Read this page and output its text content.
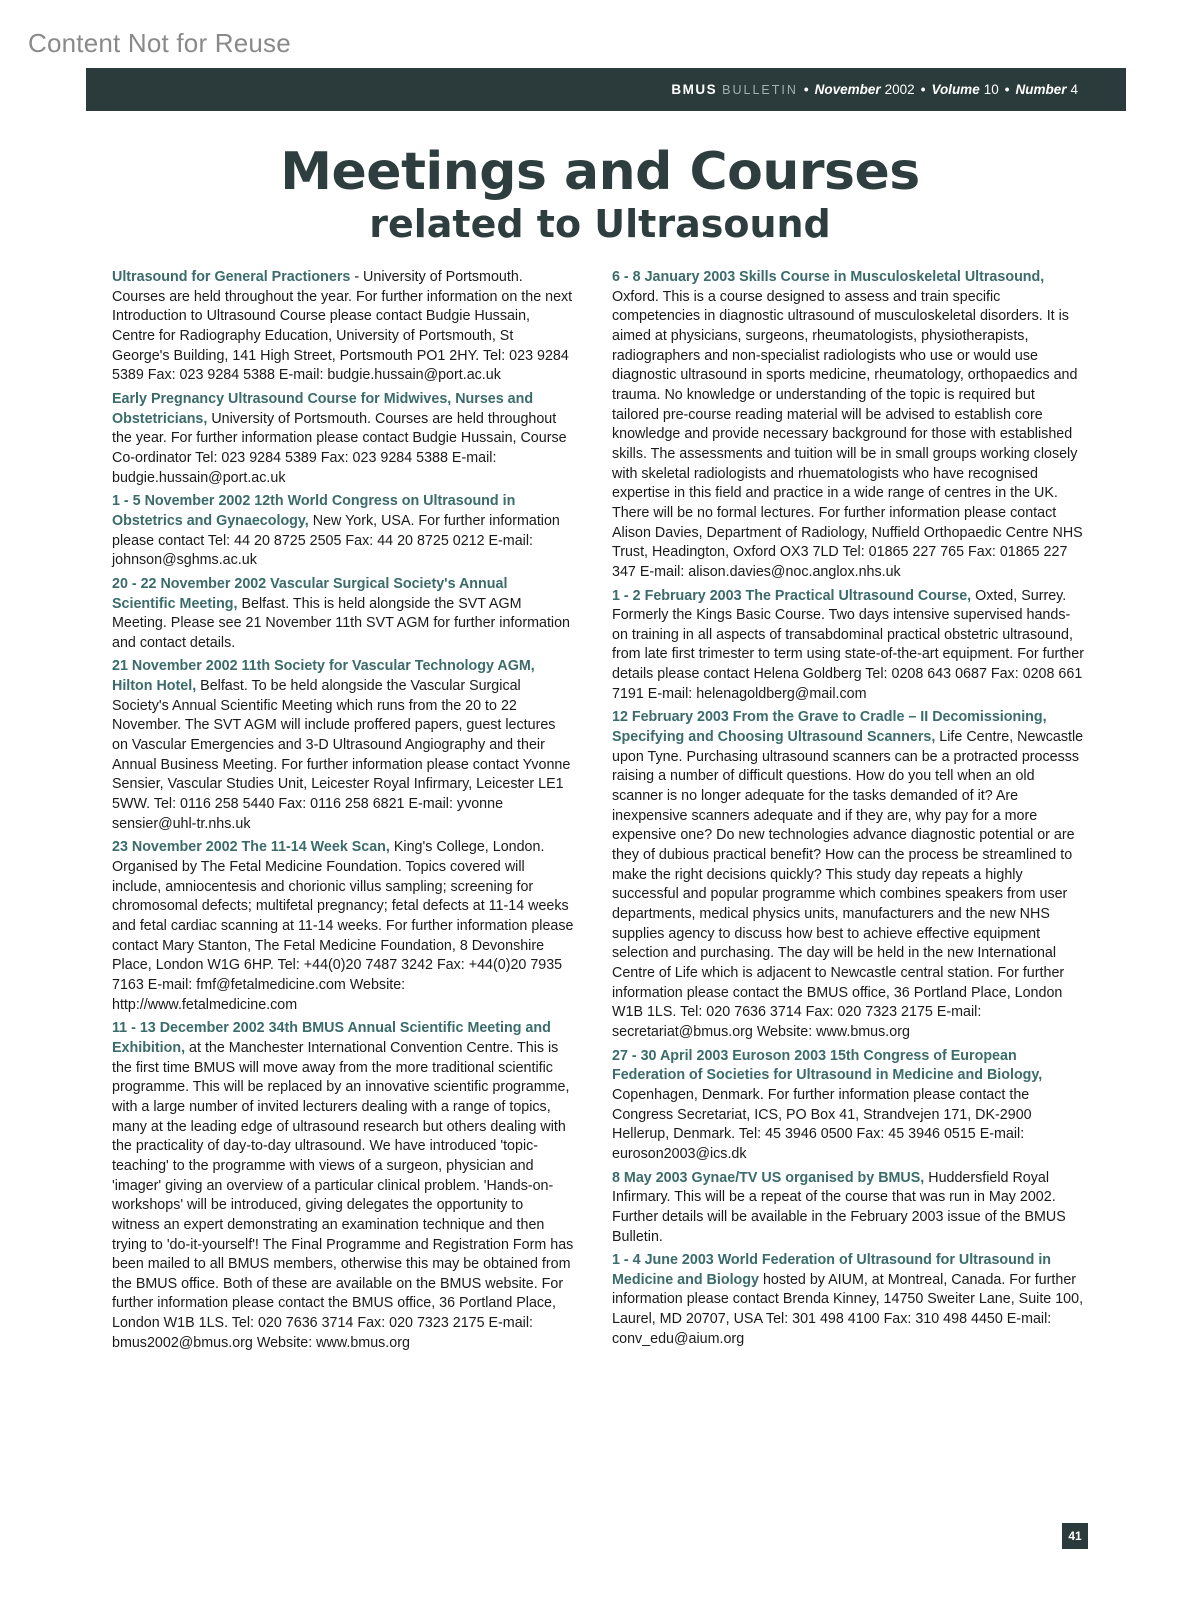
Content Not for Reuse
BMUS BULLETIN • November 2002 • Volume 10 • Number 4
Meetings and Courses
related to Ultrasound

Ultrasound for General Practioners - University of Portsmouth. Courses are held throughout the year. For further information on the next Introduction to Ultrasound Course please contact Budgie Hussain, Centre for Radiography Education, University of Portsmouth, St George's Building, 141 High Street, Portsmouth PO1 2HY. Tel: 023 9284 5389 Fax: 023 9284 5388 E-mail: budgie.hussain@port.ac.uk

Early Pregnancy Ultrasound Course for Midwives, Nurses and Obstetricians, University of Portsmouth. Courses are held throughout the year. For further information please contact Budgie Hussain, Course Co-ordinator Tel: 023 9284 5389 Fax: 023 9284 5388 E-mail: budgie.hussain@port.ac.uk

1 - 5 November 2002 12th World Congress on Ultrasound in Obstetrics and Gynaecology, New York, USA. For further information please contact Tel: 44 20 8725 2505 Fax: 44 20 8725 0212 E-mail: johnson@sghms.ac.uk

20 - 22 November 2002 Vascular Surgical Society's Annual Scientific Meeting, Belfast. This is held alongside the SVT AGM Meeting. Please see 21 November 11th SVT AGM for further information and contact details.

21 November 2002 11th Society for Vascular Technology AGM, Hilton Hotel, Belfast. To be held alongside the Vascular Surgical Society's Annual Scientific Meeting which runs from the 20 to 22 November. The SVT AGM will include proffered papers, guest lectures on Vascular Emergencies and 3-D Ultrasound Angiography and their Annual Business Meeting. For further information please contact Yvonne Sensier, Vascular Studies Unit, Leicester Royal Infirmary, Leicester LE1 5WW. Tel: 0116 258 5440 Fax: 0116 258 6821 E-mail: yvonne sensier@uhl-tr.nhs.uk

23 November 2002 The 11-14 Week Scan, King's College, London. Organised by The Fetal Medicine Foundation. Topics covered will include, amniocentesis and chorionic villus sampling; screening for chromosomal defects; multifetal pregnancy; fetal defects at 11-14 weeks and fetal cardiac scanning at 11-14 weeks. For further information please contact Mary Stanton, The Fetal Medicine Foundation, 8 Devonshire Place, London W1G 6HP. Tel: +44(0)20 7487 3242 Fax: +44(0)20 7935 7163 E-mail: fmf@fetalmedicine.com Website: http://www.fetalmedicine.com

11 - 13 December 2002 34th BMUS Annual Scientific Meeting and Exhibition, at the Manchester International Convention Centre. This is the first time BMUS will move away from the more traditional scientific programme. This will be replaced by an innovative scientific programme, with a large number of invited lecturers dealing with a range of topics, many at the leading edge of ultrasound research but others dealing with the practicality of day-to-day ultrasound. We have introduced 'topic-teaching' to the programme with views of a surgeon, physician and 'imager' giving an overview of a particular clinical problem. 'Hands-on-workshops' will be introduced, giving delegates the opportunity to witness an expert demonstrating an examination technique and then trying to 'do-it-yourself'! The Final Programme and Registration Form has been mailed to all BMUS members, otherwise this may be obtained from the BMUS office. Both of these are available on the BMUS website. For further information please contact the BMUS office, 36 Portland Place, London W1B 1LS. Tel: 020 7636 3714 Fax: 020 7323 2175 E-mail: bmus2002@bmus.org Website: www.bmus.org

6 - 8 January 2003 Skills Course in Musculoskeletal Ultrasound, Oxford. This is a course designed to assess and train specific competencies in diagnostic ultrasound of musculoskeletal disorders. It is aimed at physicians, surgeons, rheumatologists, physiotherapists, radiographers and non-specialist radiologists who use or would use diagnostic ultrasound in sports medicine, rheumatology, orthopaedics and trauma. No knowledge or understanding of the topic is required but tailored pre-course reading material will be advised to establish core knowledge and provide necessary background for those with established skills. The assessments and tuition will be in small groups working closely with skeletal radiologists and rhuematologists who have recognised expertise in this field and practice in a wide range of centres in the UK. There will be no formal lectures. For further information please contact Alison Davies, Department of Radiology, Nuffield Orthopaedic Centre NHS Trust, Headington, Oxford OX3 7LD Tel: 01865 227 765 Fax: 01865 227 347 E-mail: alison.davies@noc.anglox.nhs.uk

1 - 2 February 2003 The Practical Ultrasound Course, Oxted, Surrey. Formerly the Kings Basic Course. Two days intensive supervised hands-on training in all aspects of transabdominal practical obstetric ultrasound, from late first trimester to term using state-of-the-art equipment. For further details please contact Helena Goldberg Tel: 0208 643 0687 Fax: 0208 661 7191 E-mail: helenagoldberg@mail.com

12 February 2003 From the Grave to Cradle – II Decomissioning, Specifying and Choosing Ultrasound Scanners, Life Centre, Newcastle upon Tyne. Purchasing ultrasound scanners can be a protracted processs raising a number of difficult questions. How do you tell when an old scanner is no longer adequate for the tasks demanded of it? Are inexpensive scanners adequate and if they are, why pay for a more expensive one? Do new technologies advance diagnostic potential or are they of dubious practical benefit? How can the process be streamlined to make the right decisions quickly? This study day repeats a highly successful and popular programme which combines speakers from user departments, medical physics units, manufacturers and the new NHS supplies agency to discuss how best to achieve effective equipment selection and purchasing. The day will be held in the new International Centre of Life which is adjacent to Newcastle central station. For further information please contact the BMUS office, 36 Portland Place, London W1B 1LS. Tel: 020 7636 3714 Fax: 020 7323 2175 E-mail: secretariat@bmus.org Website: www.bmus.org

27 - 30 April 2003 Euroson 2003 15th Congress of European Federation of Societies for Ultrasound in Medicine and Biology, Copenhagen, Denmark. For further information please contact the Congress Secretariat, ICS, PO Box 41, Strandvejen 171, DK-2900 Hellerup, Denmark. Tel: 45 3946 0500 Fax: 45 3946 0515 E-mail: euroson2003@ics.dk

8 May 2003 Gynae/TV US organised by BMUS, Huddersfield Royal Infirmary. This will be a repeat of the course that was run in May 2002. Further details will be available in the February 2003 issue of the BMUS Bulletin.

1 - 4 June 2003 World Federation of Ultrasound for Ultrasound in Medicine and Biology hosted by AIUM, at Montreal, Canada. For further information please contact Brenda Kinney, 14750 Sweiter Lane, Suite 100, Laurel, MD 20707, USA Tel: 301 498 4100 Fax: 310 498 4450 E-mail: conv_edu@aium.org

41
